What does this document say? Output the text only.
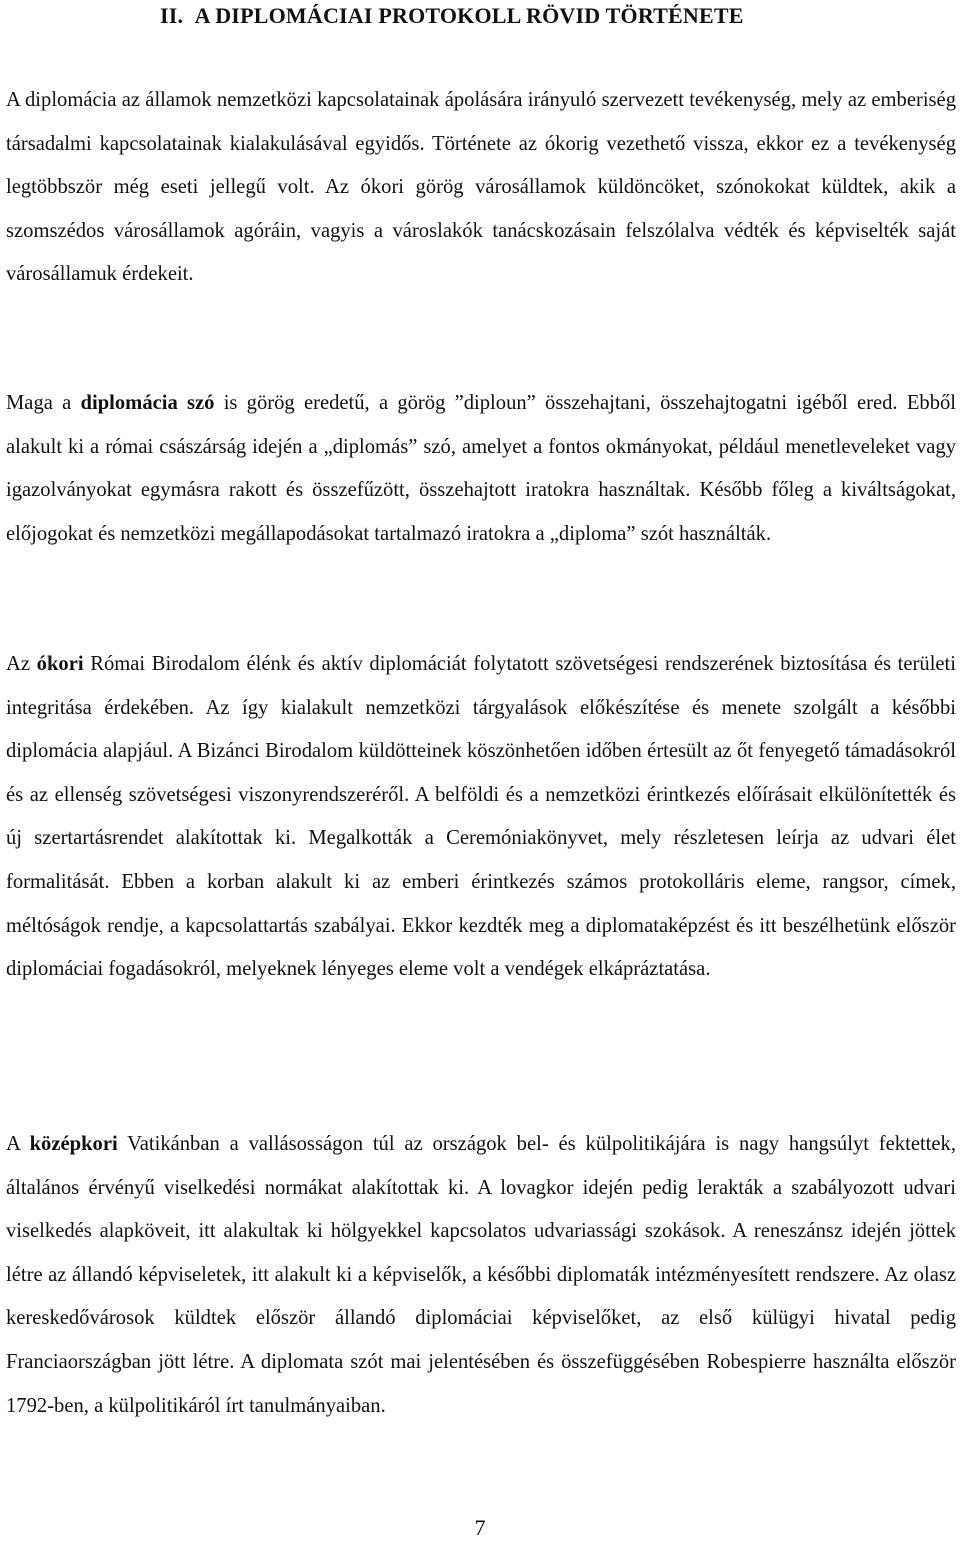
II. A DIPLOMÁCIAI PROTOKOLL RÖVID TÖRTÉNETE

A diplomácia az államok nemzetközi kapcsolatainak ápolására irányuló szervezett tevékenység, mely az emberiség társadalmi kapcsolatainak kialakulásával egyidős. Története az ókorig vezethető vissza, ekkor ez a tevékenység legtöbbször még eseti jellegű volt. Az ókori görög városállamok küldöncöket, szónokokat küldtek, akik a szomszédos városállamok agóráin, vagyis a városlakók tanácskozásain felszólalva védték és képviselték saját városállamuk érdekeit.

Maga a diplomácia szó is görög eredetű, a görög ”diploun” összehajtani, összehajtogatni igéből ered. Ebből alakult ki a római császárság idején a „diplomás” szó, amelyet a fontos okmányokat, például menetleveleket vagy igazolványokat egymásra rakott és összefűzött, összehajtott iratokra használtak. Később főleg a kiváltságokat, előjogokat és nemzetközi megállapodásokat tartalmazó iratokra a „diploma” szót használták.

Az ókori Római Birodalom élénk és aktív diplomáciát folytatott szövetségesi rendszerének biztosítása és területi integritása érdekében. Az így kialakult nemzetközi tárgyalások előkészítése és menete szolgált a későbbi diplomácia alapjául. A Bizánci Birodalom küldötteinek köszönhetően időben értesült az őt fenyegető támadásokról és az ellenség szövetségesi viszonyrendszeréről. A belföldi és a nemzetközi érintkezés előírásait elkülönítették és új szertartásrendet alakítottak ki. Megalkották a Ceremóniakönyvet, mely részletesen leírja az udvari élet formalitását. Ebben a korban alakult ki az emberi érintkezés számos protokolláris eleme, rangsor, címek, méltóságok rendje, a kapcsolattartás szabályai. Ekkor kezdték meg a diplomataképzést és itt beszélhetünk először diplomáciai fogadásokról, melyeknek lényeges eleme volt a vendégek elkápráztatása.

A középkori Vatikánban a vallásosságon túl az országok bel- és külpolitikájára is nagy hangsúlyt fektettek, általános érvényű viselkedési normákat alakítottak ki. A lovagkor idején pedig lerakták a szabályozott udvari viselkedés alapköveit, itt alakultak ki hölgyekkel kapcsolatos udvariassági szokások. A reneszánsz idején jöttek létre az állandó képviseletek, itt alakult ki a képviselők, a későbbi diplomaták intézményesített rendszere. Az olasz kereskedővárosok küldtek először állandó diplomáciai képviselőket, az első külügyi hivatal pedig Franciaországban jött létre. A diplomata szót mai jelentésében és összefüggésében Robespierre használta először 1792-ben, a külpolitikáról írt tanulmányaiban.

7
